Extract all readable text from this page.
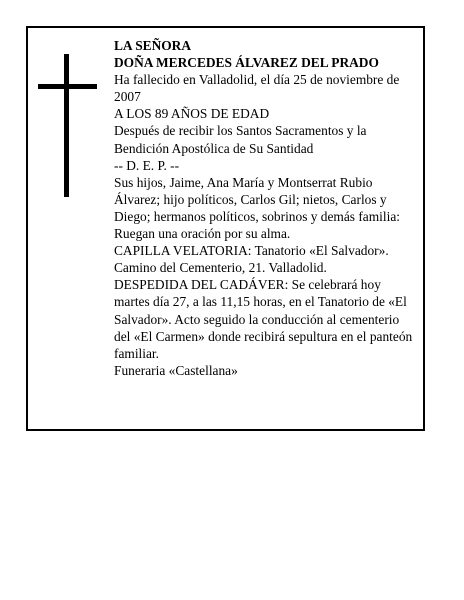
LA SEÑORA

DOÑA MERCEDES ÁLVAREZ DEL PRADO

Ha fallecido en Valladolid, el día 25 de noviembre de 2007

A LOS 89 AÑOS DE EDAD

Después de recibir los Santos Sacramentos y la Bendición Apostólica de Su Santidad

-- D. E. P. --

Sus hijos, Jaime, Ana María y Montserrat Rubio Álvarez; hijo políticos, Carlos Gil; nietos, Carlos y Diego; hermanos políticos, sobrinos y demás familia:

Ruegan una oración por su alma.

CAPILLA VELATORIA: Tanatorio «El Salvador». Camino del Cementerio, 21. Valladolid.

DESPEDIDA DEL CADÁVER: Se celebrará hoy martes día 27, a las 11,15 horas, en el Tanatorio de «El Salvador». Acto seguido la conducción al cementerio del «El Carmen» donde recibirá sepultura en el panteón familiar.

Funeraria «Castellana»
